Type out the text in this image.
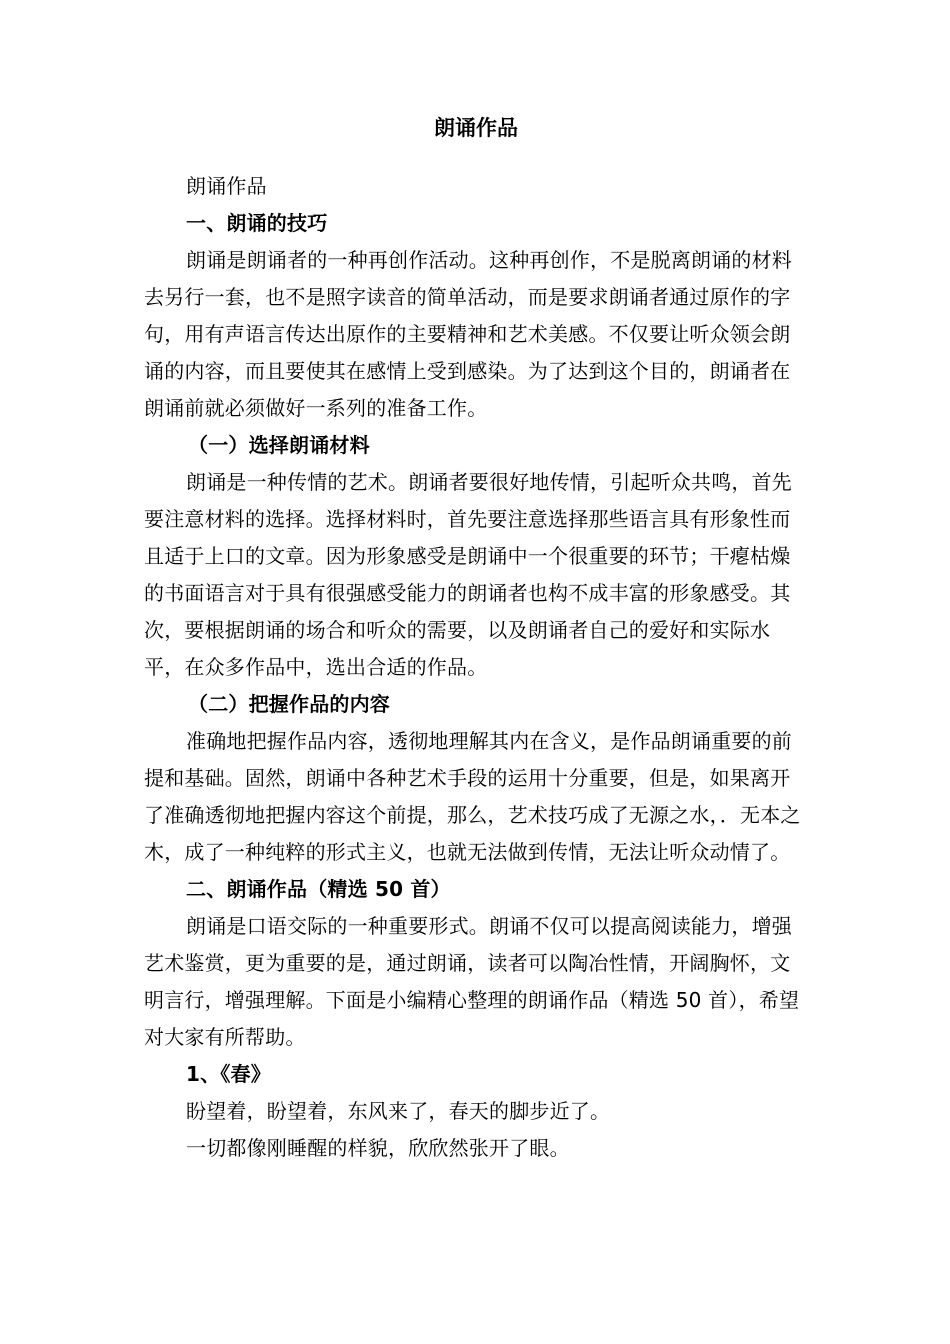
朗诵作品

朗诵作品

一、朗诵的技巧

朗诵是朗诵者的一种再创作活动。这种再创作，不是脱离朗诵的材料去另行一套，也不是照字读音的简单活动，而是要求朗诵者通过原作的字句，用有声语言传达出原作的主要精神和艺术美感。不仅要让听众领会朗诵的内容，而且要使其在感情上受到感染。为了达到这个目的，朗诵者在朗诵前就必须做好一系列的准备工作。

（一）选择朗诵材料

朗诵是一种传情的艺术。朗诵者要很好地传情，引起听众共鸣，首先要注意材料的选择。选择材料时，首先要注意选择那些语言具有形象性而且适于上口的文章。因为形象感受是朗诵中一个很重要的环节；干瘪枯燥的书面语言对于具有很强感受能力的朗诵者也构不成丰富的形象感受。其次，要根据朗诵的场合和听众的需要，以及朗诵者自己的爱好和实际水平，在众多作品中，选出合适的作品。

（二）把握作品的内容

准确地把握作品内容，透彻地理解其内在含义，是作品朗诵重要的前提和基础。固然，朗诵中各种艺术手段的运用十分重要，但是，如果离开了准确透彻地把握内容这个前提，那么，艺术技巧成了无源之水，．无本之木，成了一种纯粹的形式主义，也就无法做到传情，无法让听众动情了。

二、朗诵作品（精选 50 首）

朗诵是口语交际的一种重要形式。朗诵不仅可以提高阅读能力，增强艺术鉴赏，更为重要的是，通过朗诵，读者可以陶冶性情，开阔胸怀，文明言行，增强理解。下面是小编精心整理的朗诵作品（精选 50 首），希望对大家有所帮助。

1、《春》

盼望着，盼望着，东风来了，春天的脚步近了。

一切都像刚睡醒的样貌，欣欣然张开了眼。
